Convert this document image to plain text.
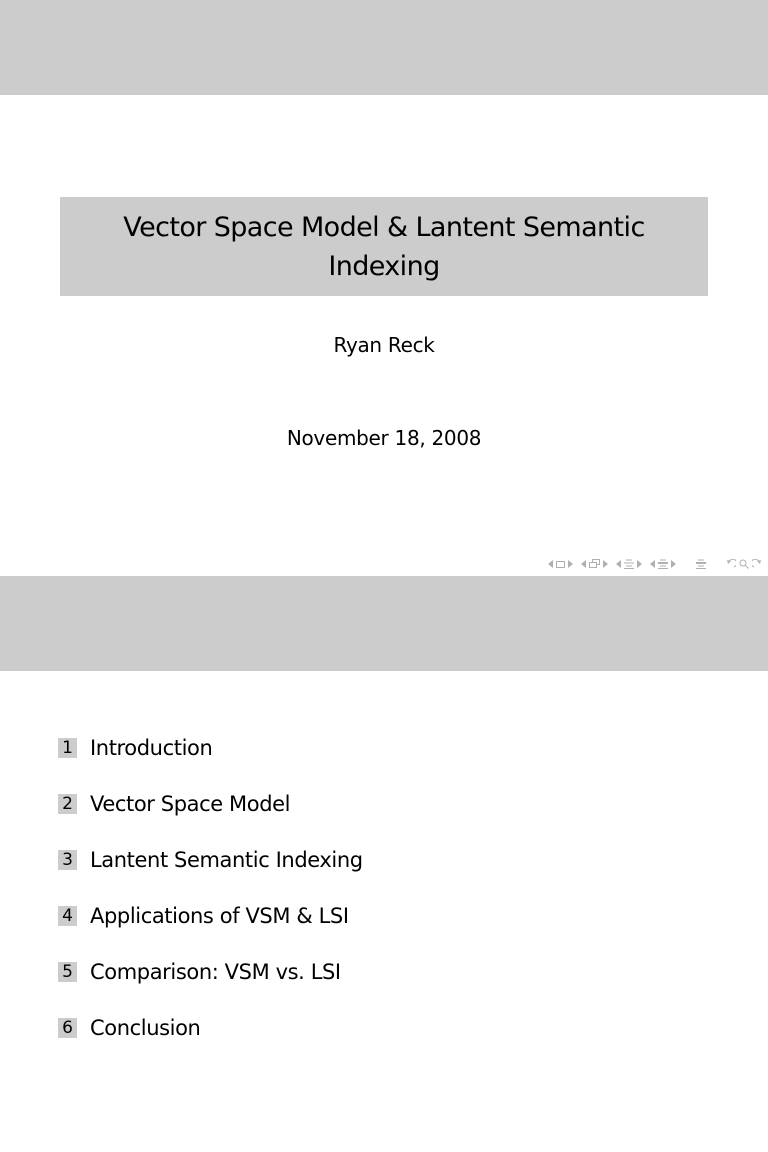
Vector Space Model & Lantent Semantic Indexing
Ryan Reck
November 18, 2008
1 Introduction
2 Vector Space Model
3 Lantent Semantic Indexing
4 Applications of VSM & LSI
5 Comparison: VSM vs. LSI
6 Conclusion
